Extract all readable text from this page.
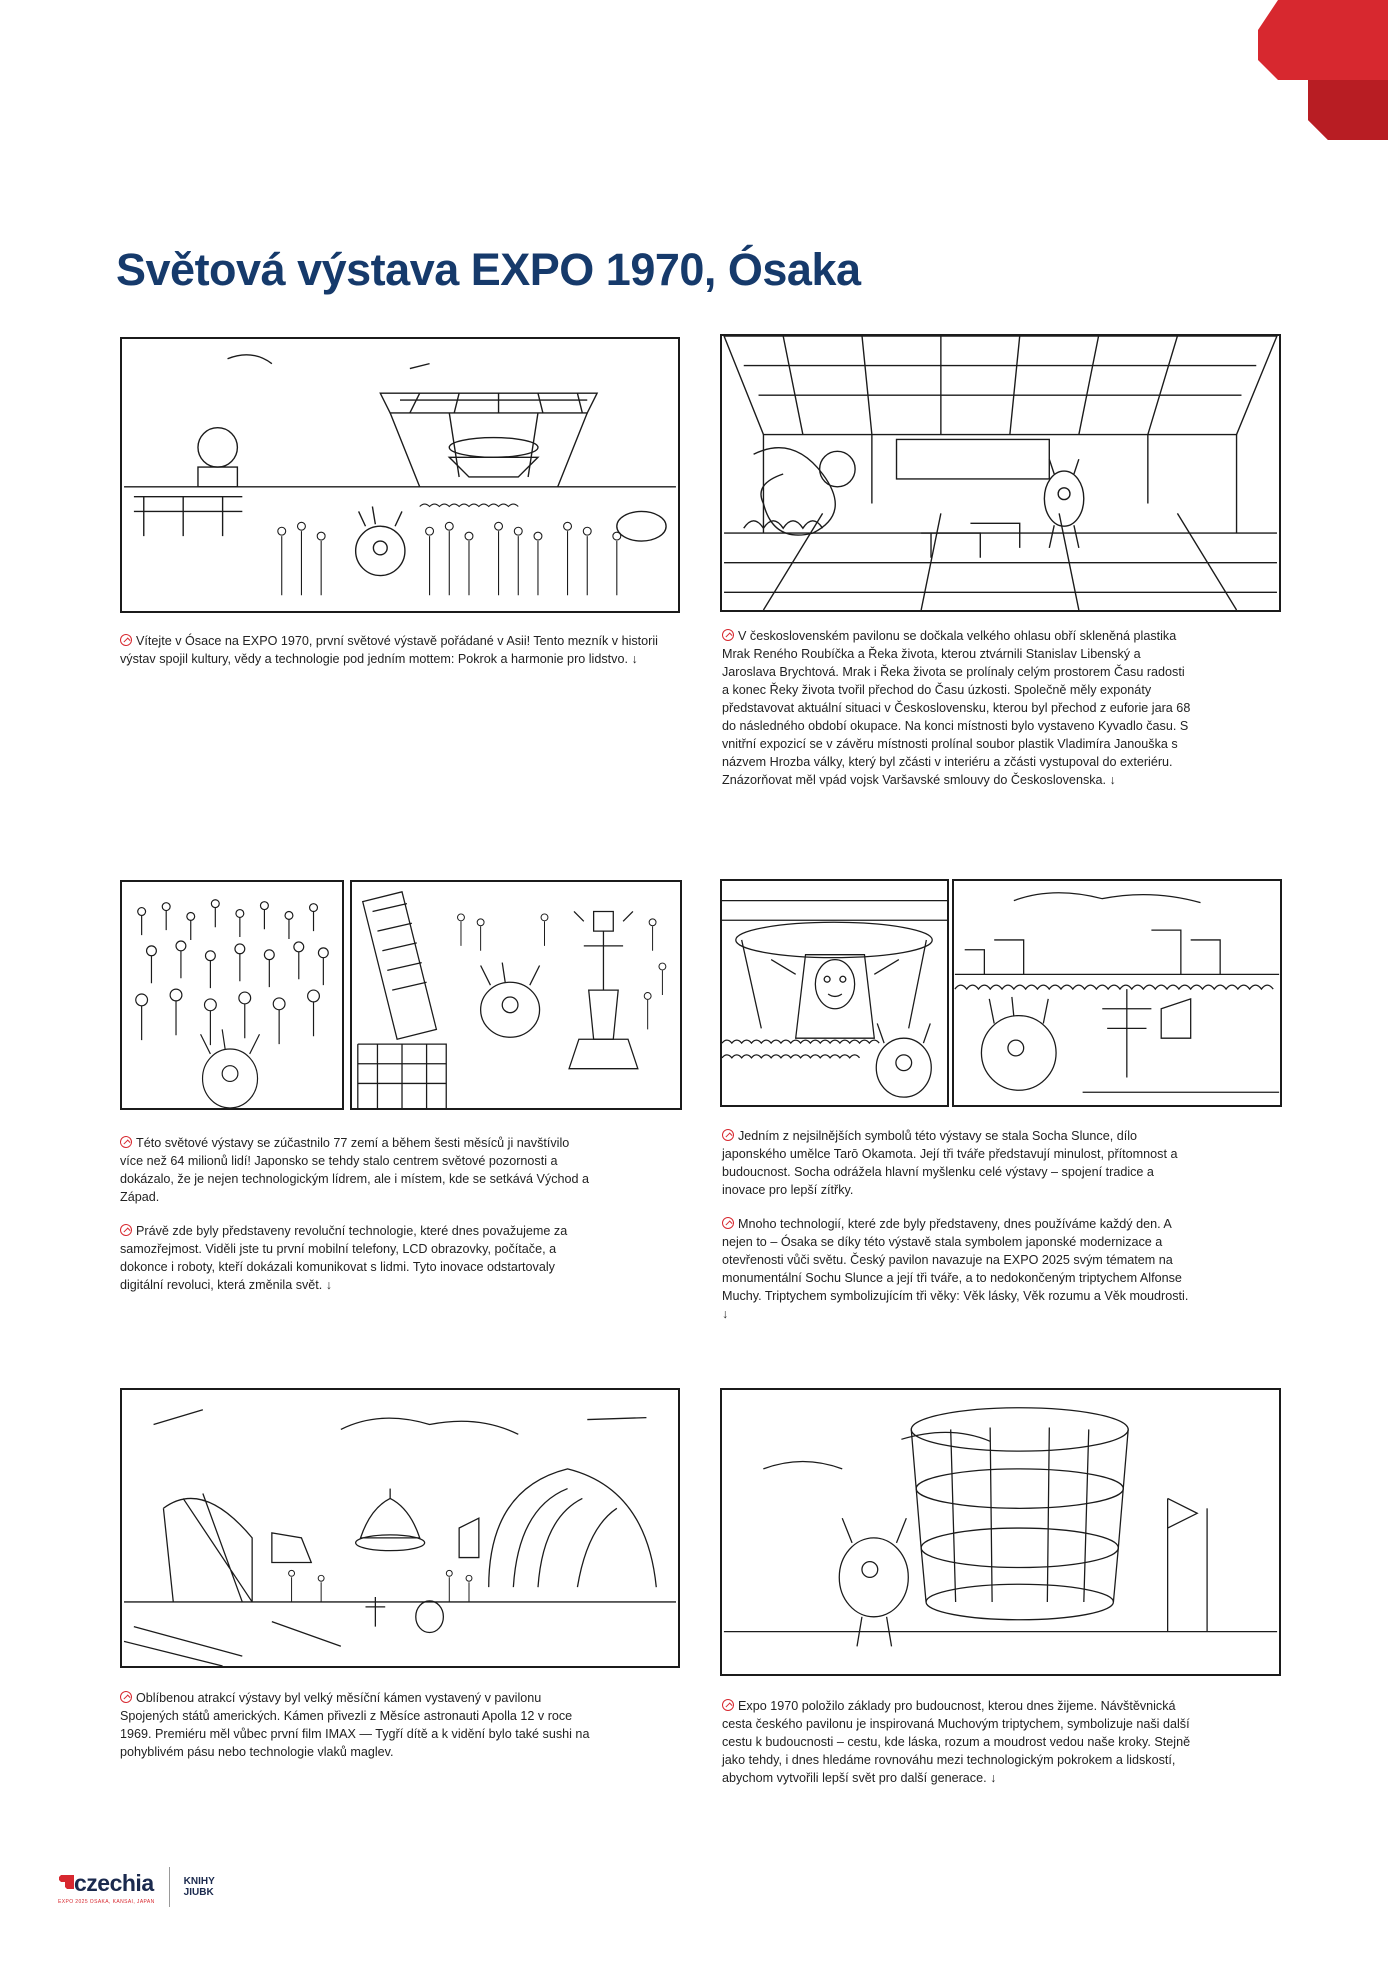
Světová výstava EXPO 1970, Ósaka

Vítejte v Ósace na EXPO 1970, první světové výstavě pořádané v Asii! Tento mezník v historii výstav spojil kultury, vědy a technologie pod jedním mottem: Pokrok a harmonie pro lidstvo. ↓

V československém pavilonu se dočkala velkého ohlasu obří skleněná plastika Mrak Reného Roubíčka a Řeka života, kterou ztvárnili Stanislav Libenský a Jaroslava Brychtová. Mrak i Řeka života se prolínaly celým prostorem Času radosti a konec Řeky života tvořil přechod do Času úzkosti. Společně měly exponáty představovat aktuální situaci v Československu, kterou byl přechod z euforie jara 68 do následného období okupace. Na konci místnosti bylo vystaveno Kyvadlo času. S vnitřní expozicí se v závěru místnosti prolínal soubor plastik Vladimíra Janouška s názvem Hrozba války, který byl zčásti v interiéru a zčásti vystupoval do exteriéru. Znázorňovat měl vpád vojsk Varšavské smlouvy do Československa. ↓

Této světové výstavy se zúčastnilo 77 zemí a během šesti měsíců ji navštívilo více než 64 milionů lidí! Japonsko se tehdy stalo centrem světové pozornosti a dokázalo, že je nejen technologickým lídrem, ale i místem, kde se setkává Východ a Západ.

Právě zde byly představeny revoluční technologie, které dnes považujeme za samozřejmost. Viděli jste tu první mobilní telefony, LCD obrazovky, počítače, a dokonce i roboty, kteří dokázali komunikovat s lidmi. Tyto inovace odstartovaly digitální revoluci, která změnila svět. ↓

Jedním z nejsilnějších symbolů této výstavy se stala Socha Slunce, dílo japonského umělce Tarō Okamota. Její tři tváře představují minulost, přítomnost a budoucnost. Socha odrážela hlavní myšlenku celé výstavy – spojení tradice a inovace pro lepší zítřky.

Mnoho technologií, které zde byly představeny, dnes používáme každý den. A nejen to – Ósaka se díky této výstavě stala symbolem japonské modernizace a otevřenosti vůči světu. Český pavilon navazuje na EXPO 2025 svým tématem na monumentální Sochu Slunce a její tři tváře, a to nedokončeným triptychem Alfonse Muchy. Triptychem symbolizujícím tři věky: Věk lásky, Věk rozumu a Věk moudrosti. ↓

Oblíbenou atrakcí výstavy byl velký měsíční kámen vystavený v pavilonu Spojených států amerických. Kámen přivezli z Měsíce astronauti Apolla 12 v roce 1969. Premiéru měl vůbec první film IMAX — Tygří dítě a k vidění bylo také sushi na pohyblivém pásu nebo technologie vlaků maglev.

Expo 1970 položilo základy pro budoucnost, kterou dnes žijeme. Návštěvnická cesta českého pavilonu je inspirovaná Muchovým triptychem, symbolizuje naši další cestu k budoucnosti – cestu, kde láska, rozum a moudrost vedou naše kroky. Stejně jako tehdy, i dnes hledáme rovnováhu mezi technologickým pokrokem a lidskostí, abychom vytvořili lepší svět pro další generace. ↓

czechia
EXPO 2025 OSAKA, KANSAI, JAPAN
KNIHY
JIUBK
